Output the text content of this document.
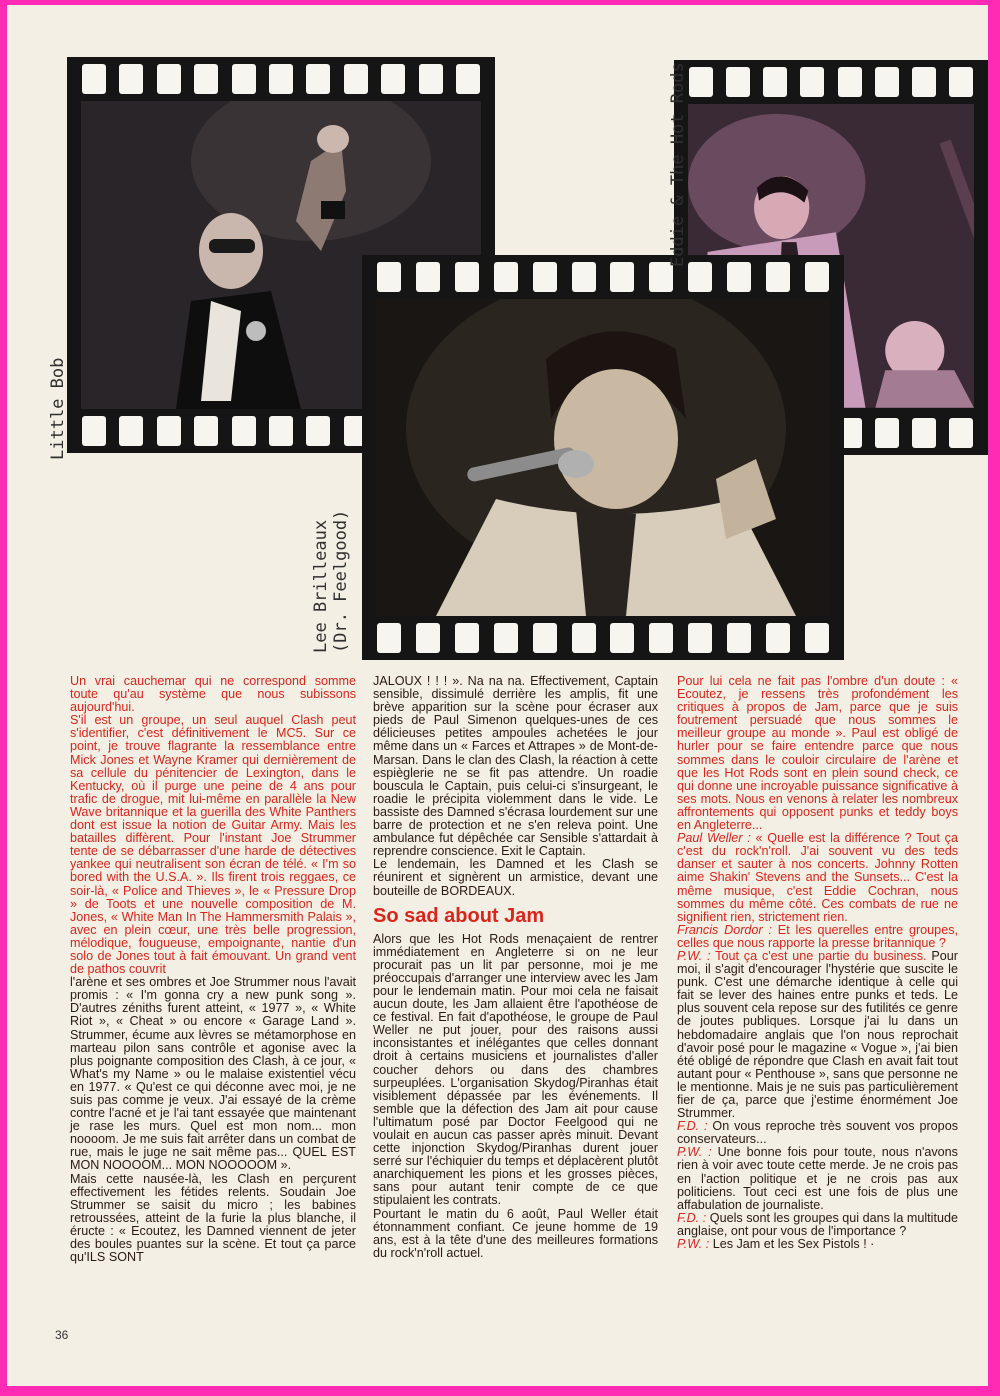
Little Bob
Lee Brilleaux (Dr. Feelgood)
Eddie & The Hot Rods

Un vrai cauchemar qui ne correspond somme toute qu'au système que nous subissons aujourd'hui.

S'il est un groupe, un seul auquel Clash peut s'identifier, c'est définitivement le MC5. Sur ce point, je trouve flagrante la ressemblance entre Mick Jones et Wayne Kramer qui dernièrement de sa cellule du pénitencier de Lexington, dans le Kentucky, où il purge une peine de 4 ans pour trafic de drogue, mit lui-même en parallèle la New Wave britannique et la guerilla des White Panthers dont est issue la notion de Guitar Army. Mais les batailles diffèrent. Pour l'instant Joe Strummer tente de se débarrasser d'une harde de détectives yankee qui neutralisent son écran de télé. « I'm so bored with the U.S.A. ». Ils firent trois reggaes, ce soir-là, « Police and Thieves », le « Pressure Drop » de Toots et une nouvelle composition de M. Jones, « White Man In The Hammersmith Palais », avec en plein cœur, une très belle progression, mélodique, fougueuse, empoignante, nantie d'un solo de Jones tout à fait émouvant. Un grand vent de pathos couvrit

l'arène et ses ombres et Joe Strummer nous l'avait promis : « I'm gonna cry a new punk song ». D'autres zéniths furent atteint, « 1977 », « White Riot », « Cheat » ou encore « Garage Land ». Strummer, écume aux lèvres se métamorphose en marteau pilon sans contrôle et agonise avec la plus poignante composition des Clash, à ce jour, « What's my Name » ou le malaise existentiel vécu en 1977. « Qu'est ce qui déconne avec moi, je ne suis pas comme je veux. J'ai essayé de la crème contre l'acné et je l'ai tant essayée que maintenant je rase les murs. Quel est mon nom... mon noooom. Je me suis fait arrêter dans un combat de rue, mais le juge ne sait même pas... QUEL EST MON NOOOOM... MON NOOOOOM ».

Mais cette nausée-là, les Clash en perçurent effectivement les fétides relents. Soudain Joe Strummer se saisit du micro ; les babines retroussées, atteint de la furie la plus blanche, il éructe : « Ecoutez, les Damned viennent de jeter des boules puantes sur la scène. Et tout ça parce qu'ILS SONT

JALOUX ! ! ! ». Na na na. Effectivement, Captain sensible, dissimulé derrière les amplis, fit une brève apparition sur la scène pour écraser aux pieds de Paul Simenon quelques-unes de ces délicieuses petites ampoules achetées le jour même dans un « Farces et Attrapes » de Mont-de-Marsan. Dans le clan des Clash, la réaction à cette espièglerie ne se fit pas attendre. Un roadie bouscula le Captain, puis celui-ci s'insurgeant, le roadie le précipita violemment dans le vide. Le bassiste des Damned s'écrasa lourdement sur une barre de protection et ne s'en releva point. Une ambulance fut dépêchée car Sensible s'attardait à reprendre conscience. Exit le Captain.

Le lendemain, les Damned et les Clash se réunirent et signèrent un armistice, devant une bouteille de BORDEAUX.

So sad about Jam

Alors que les Hot Rods menaçaient de rentrer immédiatement en Angleterre si on ne leur procurait pas un lit par personne, moi je me préoccupais d'arranger une interview avec les Jam pour le lendemain matin. Pour moi cela ne faisait aucun doute, les Jam allaient être l'apothéose de ce festival. En fait d'apothéose, le groupe de Paul Weller ne put jouer, pour des raisons aussi inconsistantes et inélégantes que celles donnant droit à certains musiciens et journalistes d'aller coucher dehors ou dans des chambres surpeuplées. L'organisation Skydog/Piranhas était visiblement dépassée par les événements. Il semble que la défection des Jam ait pour cause l'ultimatum posé par Doctor Feelgood qui ne voulait en aucun cas passer après minuit. Devant cette injonction Skydog/Piranhas durent jouer serré sur l'échiquier du temps et déplacèrent plutôt anarchiquement les pions et les grosses pièces, sans pour autant tenir compte de ce que stipulaient les contrats.

Pourtant le matin du 6 août, Paul Weller était étonnamment confiant. Ce jeune homme de 19 ans, est à la tête d'une des meilleures formations du rock'n'roll actuel.

Pour lui cela ne fait pas l'ombre d'un doute : « Ecoutez, je ressens très profondément les critiques à propos de Jam, parce que je suis foutrement persuadé que nous sommes le meilleur groupe au monde ». Paul est obligé de hurler pour se faire entendre parce que nous sommes dans le couloir circulaire de l'arène et que les Hot Rods sont en plein sound check, ce qui donne une incroyable puissance significative à ses mots. Nous en venons à relater les nombreux affrontements qui opposent punks et teddy boys en Angleterre...

Paul Weller : « Quelle est la différence ? Tout ça c'est du rock'n'roll. J'ai souvent vu des teds danser et sauter à nos concerts. Johnny Rotten aime Shakin' Stevens and the Sunsets... C'est la même musique, c'est Eddie Cochran, nous sommes du même côté. Ces combats de rue ne signifient rien, strictement rien.

Francis Dordor : Et les querelles entre groupes, celles que nous rapporte la presse britannique ?

P.W. : Tout ça c'est une partie du business. Pour moi, il s'agit d'encourager l'hystérie que suscite le punk. C'est une démarche identique à celle qui fait se lever des haines entre punks et teds. Le plus souvent cela repose sur des futilités ce genre de joutes publiques. Lorsque j'ai lu dans un hebdomadaire anglais que l'on nous reprochait d'avoir posé pour le magazine « Vogue », j'ai bien été obligé de répondre que Clash en avait fait tout autant pour « Penthouse », sans que personne ne le mentionne. Mais je ne suis pas particulièrement fier de ça, parce que j'estime énormément Joe Strummer.

F.D. : On vous reproche très souvent vos propos conservateurs...

P.W. : Une bonne fois pour toute, nous n'avons rien à voir avec toute cette merde. Je ne crois pas en l'action politique et je ne crois pas aux politiciens. Tout ceci est une fois de plus une affabulation de journaliste.

F.D. : Quels sont les groupes qui dans la multitude anglaise, ont pour vous de l'importance ?

P.W. : Les Jam et les Sex Pistols ! ·

36
